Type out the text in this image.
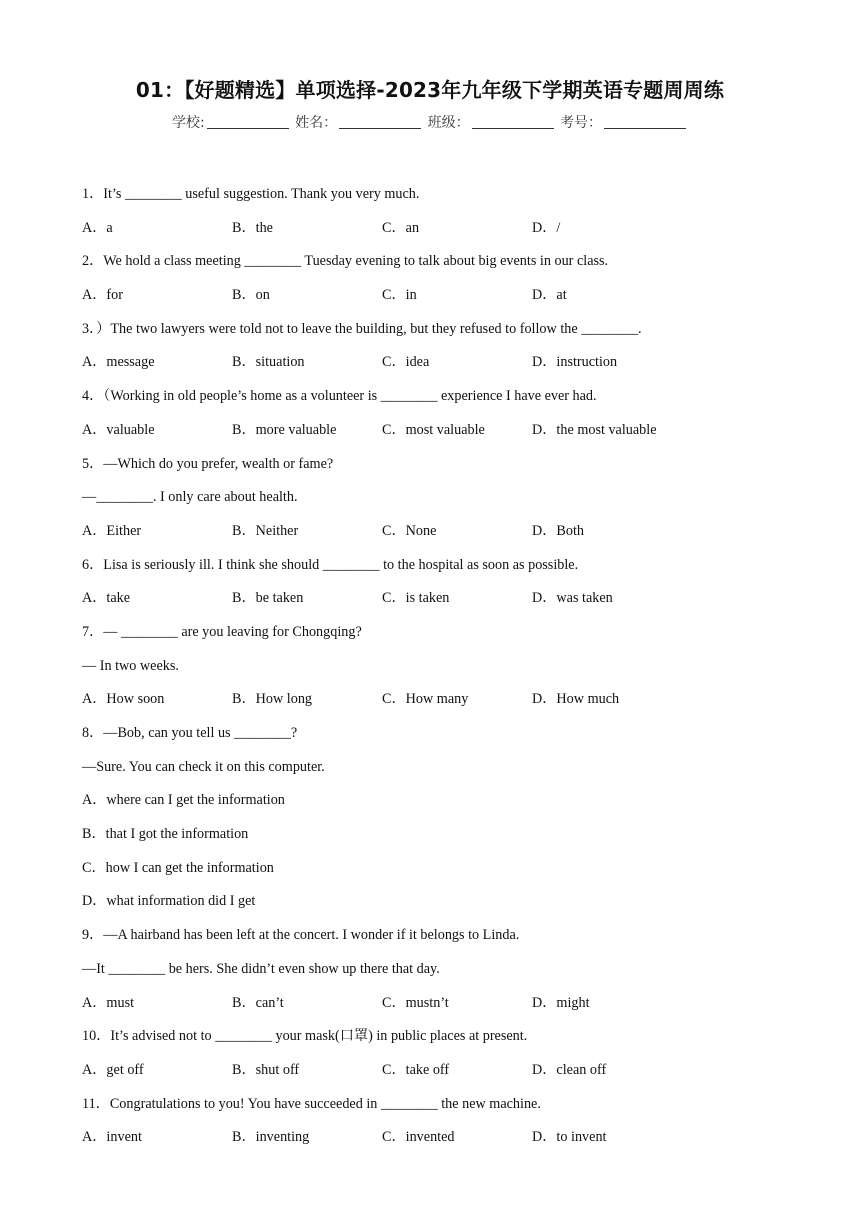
01：【好题精选】单项选择-2023年九年级下学期英语专题周周练
学校:	姓名：	班级：	考号：
1．It’s ________ useful suggestion. Thank you very much.
A．a	B．the	C．an	D．/
2．We hold a class meeting ________ Tuesday evening to talk about big events in our class.
A．for	B．on	C．in	D．at
3．）The two lawyers were told not to leave the building, but they refused to follow the ________.
A．message	B．situation	C．idea	D．instruction
4．（Working in old people’s home as a volunteer is ________ experience I have ever had.
A．valuable	B．more valuable	C．most valuable	D．the most valuable
5．—Which do you prefer, wealth or fame?
—________. I only care about health.
A．Either	B．Neither	C．None	D．Both
6．Lisa is seriously ill. I think she should ________ to the hospital as soon as possible.
A．take	B．be taken	C．is taken	D．was taken
7．— ________ are you leaving for Chongqing?
— In two weeks.
A．How soon	B．How long	C．How many	D．How much
8．—Bob, can you tell us ________?
—Sure. You can check it on this computer.
A．where can I get the information
B．that I got the information
C．how I can get the information
D．what information did I get
9．—A hairband has been left at the concert. I wonder if it belongs to Linda.
—It ________ be hers. She didn’t even show up there that day.
A．must	B．can’t	C．mustn’t	D．might
10．It’s advised not to ________ your mask(口罩) in public places at present.
A．get off	B．shut off	C．take off	D．clean off
11．Congratulations to you! You have succeeded in ________ the new machine.
A．invent	B．inventing	C．invented	D．to invent
